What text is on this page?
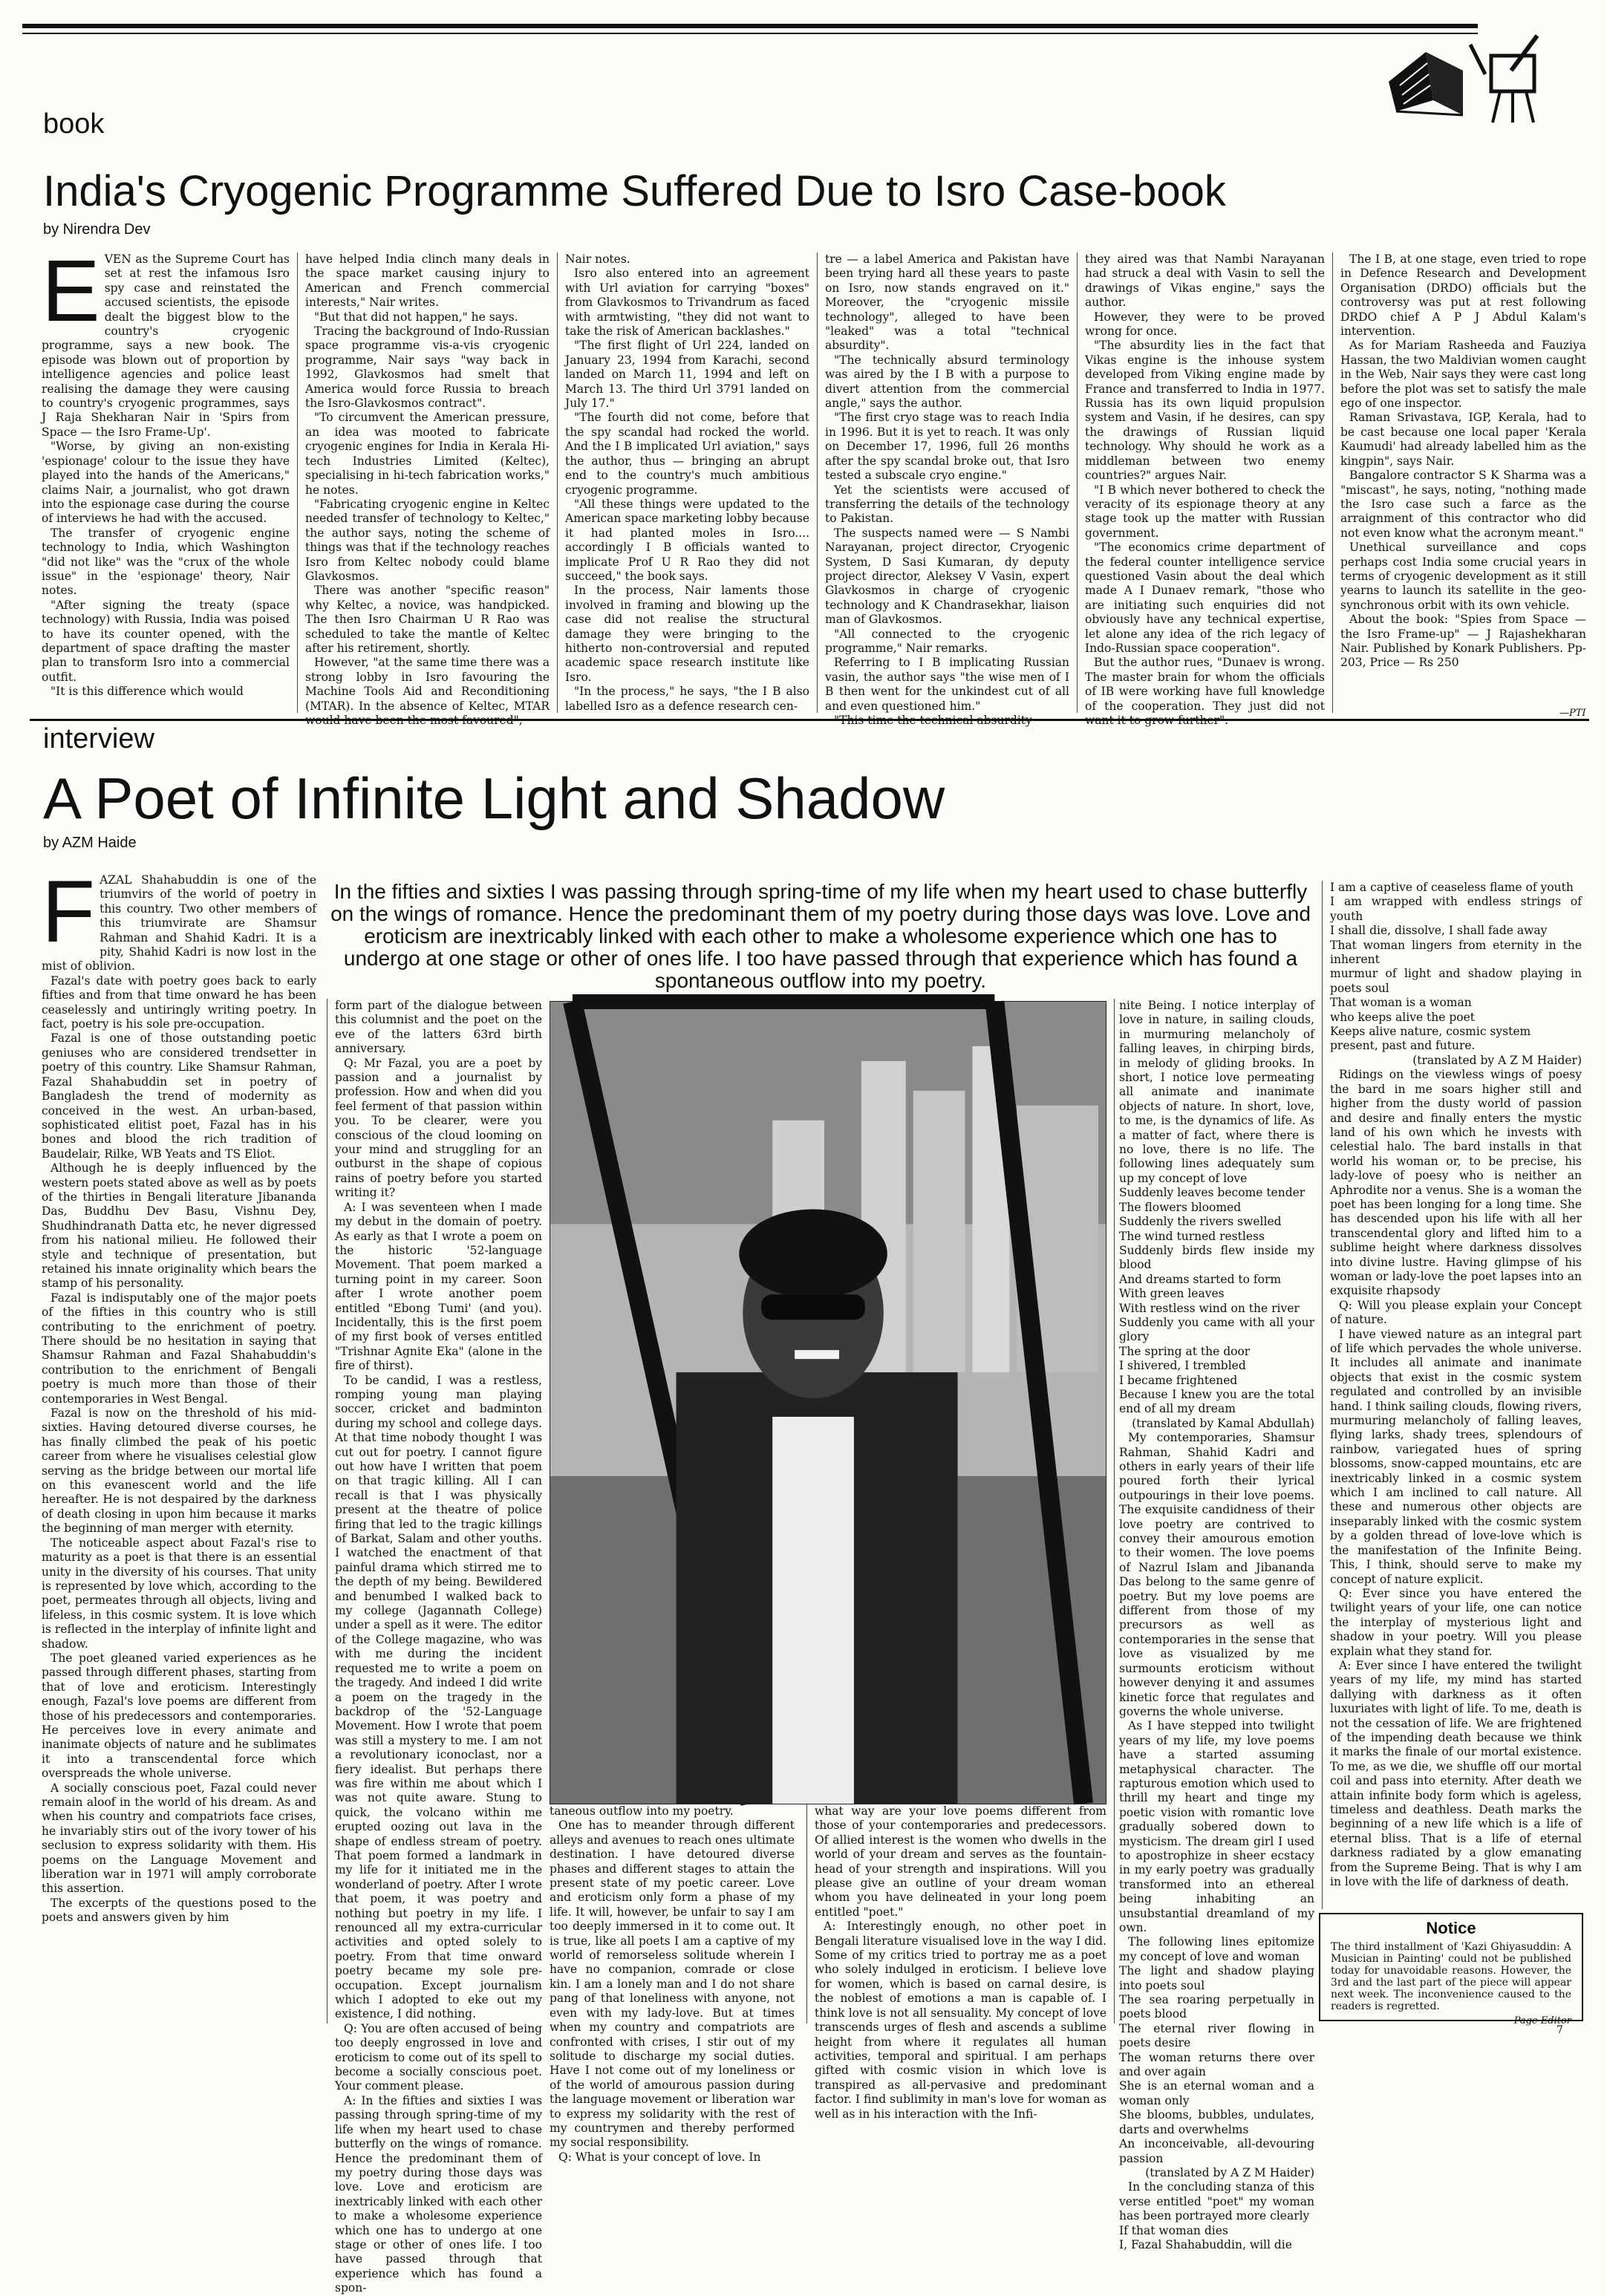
book
India's Cryogenic Programme Suffered Due to Isro Case-book
by Nirendra Dev
E VEN as the Supreme Court has set at rest the infamous Isro spy case and reinstated the accused scientists, the episode dealt the biggest blow to the country's cryogenic programme, says a new book. The episode was blown out of proportion by intelligence agencies and police least realising the damage they were causing to country's cryogenic programmes, says J Raja Shekharan Nair in 'Spirs from Space — the Isro Frame-Up'.

"Worse, by giving an non-existing 'espionage' colour to the issue they have played into the hands of the Americans," claims Nair, a journalist, who got drawn into the espionage case during the course of interviews he had with the accused.

The transfer of cryogenic engine technology to India, which Washington "did not like" was the "crux of the whole issue" in the 'espionage' theory, Nair notes.

"After signing the treaty (space technology) with Russia, India was poised to have its counter opened, with the department of space drafting the master plan to transform Isro into a commercial outfit.

"It is this difference which would

have helped India clinch many deals in the space market causing injury to American and French commercial interests," Nair writes.

"But that did not happen," he says.

Tracing the background of Indo-Russian space programme vis-a-vis cryogenic programme, Nair says "way back in 1992, Glavkosmos had smelt that America would force Russia to breach the Isro-Glavkosmos contract".

"To circumvent the American pressure, an idea was mooted to fabricate cryogenic engines for India in Kerala Hi-tech Industries Limited (Keltec), specialising in hi-tech fabrication works," he notes.

"Fabricating cryogenic engine in Keltec needed transfer of technology to Keltec," the author says, noting the scheme of things was that if the technology reaches Isro from Keltec nobody could blame Glavkosmos.

There was another "specific reason" why Keltec, a novice, was handpicked. The then Isro Chairman U R Rao was scheduled to take the mantle of Keltec after his retirement, shortly.

However, "at the same time there was a strong lobby in Isro favouring the Machine Tools Aid and Reconditioning (MTAR). In the absence of Keltec, MTAR

Nair notes.

Isro also entered into an agreement with Url aviation for carrying "boxes" from Glavkosmos to Trivandrum as faced with armtwisting, "they did not want to take the risk of American backlashes."

"The first flight of Url 224, landed on January 23, 1994 from Karachi, second landed on March 11, 1994 and left on March 13. The third Url 3791 landed on July 17."

"The fourth did not come, before that the spy scandal had rocked the world. And the I B implicated Url aviation," says the author, thus — bringing an abrupt end to the country's much ambitious cryogenic programme.

"All these things were updated to the American space marketing lobby because it had planted moles in Isro.... accordingly I B officials wanted to implicate Prof U R Rao they did not succeed," the book says.

In the process, Nair laments those involved in framing and blowing up the case did not realise the structural damage they were bringing to the hitherto non-controversial and reputed academic space research institute like Isro.

"In the process," he says, "the I B also labelled Isro as a defence research cen-

tre — a label America and Pakistan have been trying hard all these years to paste on Isro, now stands engraved on it." Moreover, the "cryogenic missile technology", alleged to have been "leaked" was a total "technical absurdity".

"The technically absurd terminology was aired by the I B with a purpose to divert attention from the commercial angle," says the author.

"The first cryo stage was to reach India in 1996. But it is yet to reach. It was only on December 17, 1996, full 26 months after the spy scandal broke out, that Isro tested a subscale cryo engine."

Yet the scientists were accused of transferring the details of the technology to Pakistan.

The suspects named were — S Nambi Narayanan, project director, Cryogenic System, D Sasi Kumaran, dy deputy project director, Aleksey V Vasin, expert Glavkosmos in charge of cryogenic technology and K Chandrasekhar, liaison man of Glavkosmos.

"All connected to the cryogenic programme," Nair remarks.

Referring to I B implicating Russian vasin, the author says "the wise men of I B then went for the unkindest cut of all and even questioned him."

they aired was that Nambi Narayanan had struck a deal with Vasin to sell the drawings of Vikas engine," says the author.

However, they were to be proved wrong for once.

"The absurdity lies in the fact that Vikas engine is the inhouse system developed from Viking engine made by France and transferred to India in 1977. Russia has its own liquid propulsion system and Vasin, if he desires, can spy the drawings of Russian liquid technology. Why should he work as a middleman between two enemy countries?" argues Nair.

"I B which never bothered to check the veracity of its espionage theory at any stage took up the matter with Russian government.

"The economics crime department of the federal counter intelligence service questioned Vasin about the deal which made A I Dunaev remark, "those who are initiating such enquiries did not obviously have any technical expertise, let alone any idea of the rich legacy of Indo-Russian space cooperation".

But the author rues, "Dunaev is wrong. The master brain for whom the officials of IB were working have full knowledge of the cooperation. They just did not

The I B, at one stage, even tried to rope in Defence Research and Development Organisation (DRDO) officials but the controversy was put at rest following DRDO chief A P J Abdul Kalam's intervention.

As for Mariam Rasheeda and Fauziya Hassan, the two Maldivian women caught in the Web, Nair says they were cast long before the plot was set to satisfy the male ego of one inspector.

Raman Srivastava, IGP, Kerala, had to be cast because one local paper 'Kerala Kaumudi' had already labelled him as the kingpin", says Nair.

Bangalore contractor S K Sharma was a "miscast", he says, noting, "nothing made the Isro case such a farce as the arraignment of this contractor who did not even know what the acronym meant."

Unethical surveillance and cops perhaps cost India some crucial years in terms of cryogenic development as it still yearns to launch its satellite in the geo-synchronous orbit with its own vehicle.

About the book: "Spies from Space — the Isro Frame-up" — J Rajashekharan Nair. Published by Konark Publishers. Pp-203, Price — Rs 250

—PTI
interview
A Poet of Infinite Light and Shadow
by AZM Haide
In the fifties and sixties I was passing through spring-time of my life when my heart used to chase butterfly on the wings of romance. Hence the predominant them of my poetry during those days was love. Love and eroticism are inextricably linked with each other to make a wholesome experience which one has to undergo at one stage or other of ones life. I too have passed through that experience which has found a spontaneous outflow into my poetry.
F AZAL Shahabuddin is one of the triumvirs of the world of poetry in this country. Two other members of this triumvirate are Shamsur Rahman and Shahid Kadri. It is a pity, Shahid Kadri is now lost in the mist of oblivion.

Fazal's date with poetry goes back to early fifties and from that time onward he has been ceaselessly and untiringly writing poetry. In fact, poetry is his sole pre-occupation.

Fazal is one of those outstanding poetic geniuses who are considered trendsetter in poetry of this country. Like Shamsur Rahman, Fazal Shahabuddin set in poetry of Bangladesh the trend of modernity as conceived in the west. An urban-based, sophisticated elitist poet, Fazal has in his bones and blood the rich tradition of Baudelair, Rilke, WB Yeats and TS Eliot.

Although he is deeply influenced by the western poets stated above as well as by poets of the thirties in Bengali literature Jibananda Das, Buddhu Dev Basu, Vishnu Dey, Shudhindranath Datta etc, he never digressed from his national milieu. He followed their style and technique of presentation, but retained his innate originality which bears the stamp of his personality.

Fazal is indisputably one of the major poets of the fifties in this country who is still contributing to the enrichment of poetry. There should be no hesitation in saying that Shamsur Rahman and Fazal Shahabuddin's contribution to the enrichment of Bengali poetry is much more than those of their contemporaries in West Bengal.

Fazal is now on the threshold of his mid-sixties. Having detoured diverse courses, he has finally climbed the peak of his poetic career from where he visualises celestial glow serving as the bridge between our mortal life on this evanescent world and the life hereafter. He is not despaired by the darkness of death closing in upon him because it marks the beginning of man merger with eternity.

The noticeable aspect about Fazal's rise to maturity as a poet is that there is an essential unity in the diversity of his courses. That unity is represented by love which, according to the poet, permeates through all objects, living and lifeless, in this cosmic system. It is love which is reflected in the interplay of infinite light and shadow.

The poet gleaned varied experiences as he passed through different phases, starting from that of love and eroticism. Interestingly enough, Fazal's love poems are different from those of his predecessors and contemporaries. He perceives love in every animate and inanimate objects of nature and he sublimates it into a transcendental force which overspreads the whole universe.

A socially conscious poet, Fazal could never remain aloof in the world of his dream. As and when his country and compatriots face crises, he invariably stirs out of the ivory tower of his seclusion to express solidarity with them. His poems on the Language Movement and liberation war in 1971 will amply corroborate this assertion.

The excerpts of the questions posed to the poets and answers given by him

form part of the dialogue between this columnist and the poet on the eve of the latters 63rd birth anniversary.

Q: Mr Fazal, you are a poet by passion and a journalist by profession. How and when did you feel ferment of that passion within you. To be clearer, were you conscious of the cloud looming on your mind and struggling for an outburst in the shape of copious rains of poetry before you started writing it?

A: I was seventeen when I made my debut in the domain of poetry. As early as that I wrote a poem on the historic '52-language Movement. That poem marked a turning point in my career. Soon after I wrote another poem entitled "Ebong Tumi' (and you). Incidentally, this is the first poem of my first book of verses entitled "Trishnar Agnite Eka" (alone in the fire of thirst).

To be candid, I was a restless, romping young man playing soccer, cricket and badminton during my school and college days. At that time nobody thought I was cut out for poetry. I cannot figure out how have I written that poem on that tragic killing. All I can recall is that I was physically present at the theatre of police firing that led to the tragic killings of Barkat, Salam and other youths. I watched the enactment of that painful drama which stirred me to the depth of my being. Bewildered and benumbed I walked back to my college (Jagannath College) under a spell as it were. The editor of the College magazine, who was with me during the incident requested me to write a poem on the tragedy. And indeed I did write a poem on the tragedy in the backdrop of the '52-Language Movement. How I wrote that poem was still a mystery to me. I am not a revolutionary iconoclast, nor a fiery idealist. But perhaps there was fire within me about which I was not quite aware. Stung to quick, the volcano within me erupted oozing out lava in the shape of endless stream of poetry. That poem formed a landmark in my life for it initiated me in the wonderland of poetry. After I wrote that poem, it was poetry and nothing but poetry in my life. I renounced all my extra-curricular activities and opted solely to poetry. From that time onward poetry became my sole pre-occupation. Except journalism which I adopted to eke out my existence, I did nothing.

Q: You are often accused of being too deeply engrossed in love and eroticism to come out of its spell to become a socially conscious poet. Your comment please.

A: In the fifties and sixties I was passing through spring-time of my life when my heart used to chase butterfly on the wings of romance. Hence the predominant them of my poetry during those days was love. Love and eroticism are inextricably linked with each other to make a wholesome experience which one has to undergo at one stage or other of ones life. I too have passed through that experience which has found a spon-

taneous outflow into my poetry.

One has to meander through different alleys and avenues to reach ones ultimate destination. I have detoured diverse phases and different stages to attain the present state of my poetic career. Love and eroticism only form a phase of my life. It will, however, be unfair to say I am too deeply immersed in it to come out. It is true, like all poets I am a captive of my world of remorseless solitude wherein I have no companion, comrade or close kin. I am a lonely man and I do not share pang of that loneliness with anyone, not even with my lady-love. But at times when my country and compatriots are confronted with crises, I stir out of my solitude to discharge my social duties. Have I not come out of my loneliness or of the world of amourous passion during the language movement or liberation war to express my solidarity with the rest of my countrymen and thereby performed my social responsibility.

Q: What is your concept of love. In

what way are your love poems different from those of your contemporaries and predecessors. Of allied interest is the women who dwells in the world of your dream and serves as the fountain-head of your strength and inspirations. Will you please give an outline of your dream woman whom you have delineated in your long poem entitled "poet."

A: Interestingly enough, no other poet in Bengali literature visualised love in the way I did. Some of my critics tried to portray me as a poet who solely indulged in eroticism. I believe love for women, which is based on carnal desire, is the noblest of emotions a man is capable of. I think love is not all sensuality. My concept of love transcends urges of flesh and ascends a sublime height from where it regulates all human activities, temporal and spiritual. I am perhaps gifted with cosmic vision in which love is transpired as all-pervasive and predominant factor. I find sublimity in man's love for woman as well as in his interaction with the Infi-

nite Being. I notice interplay of love in nature, in sailing clouds, in murmuring melancholy of falling leaves, in chirping birds, in melody of gliding brooks. In short, I notice love permeating all animate and inanimate objects of nature. In short, love, to me, is the dynamics of life. As a matter of fact, where there is no love, there is no life. The following lines adequately sum up my concept of love

Suddenly leaves become tender

The flowers bloomed

Suddenly the rivers swelled

The wind turned restless

Suddenly birds flew inside my blood

And dreams started to form

With green leaves

With restless wind on the river

Suddenly you came with all your glory

The spring at the door

I shivered, I trembled

I became frightened

Because I knew you are the total end of all my dream

(translated by Kamal Abdullah)

My contemporaries, Shamsur Rahman, Shahid Kadri and others in early years of their life poured forth their lyrical outpourings in their love poems. The exquisite candidness of their love poetry are contrived to convey their amourous emotion to their women. The love poems of Nazrul Islam and Jibananda Das belong to the same genre of poetry. But my love poems are different from those of my precursors as well as contemporaries in the sense that love as visualized by me surmounts eroticism without however denying it and assumes kinetic force that regulates and governs the whole universe.

As I have stepped into twilight years of my life, my love poems have a started assuming metaphysical character. The rapturous emotion which used to thrill my heart and tinge my poetic vision with romantic love gradually sobered down to mysticism. The dream girl I used to apostrophize in sheer ecstacy in my early poetry was gradually transformed into an ethereal being inhabiting an unsubstantial dreamland of my own.

The following lines epitomize my concept of love and woman

The light and shadow playing into poets soul

The sea roaring perpetually in poets blood

The eternal river flowing in poets desire

The woman returns there over and over again

She is an eternal woman and a woman only

She blooms, bubbles, undulates, darts and overwhelms

An inconceivable, all-devouring passion

(translated by A Z M Haider)

In the concluding stanza of this verse entitled "poet" my woman has been portrayed more clearly

If that woman dies

I, Fazal Shahabuddin, will die

I am a captive of ceaseless flame of youth

I am wrapped with endless strings of youth

I shall die, dissolve, I shall fade away

That woman lingers from eternity in the inherent

murmur of light and shadow playing in poets soul

That woman is a woman

who keeps alive the poet

Keeps alive nature, cosmic system

present, past and future.

(translated by A Z M Haider)

Ridings on the viewless wings of poesy the bard in me soars higher still and higher from the dusty world of passion and desire and finally enters the mystic land of his own which he invests with celestial halo. The bard installs in that world his woman or, to be precise, his lady-love of poesy who is neither an Aphrodite nor a venus. She is a woman the poet has been longing for a long time. She has descended upon his life with all her transcendental glory and lifted him to a sublime height where darkness dissolves into divine lustre. Having glimpse of his woman or lady-love the poet lapses into an exquisite rhapsody

Q: Will you please explain your Concept of nature.

I have viewed nature as an integral part of life which pervades the whole universe. It includes all animate and inanimate objects that exist in the cosmic system regulated and controlled by an invisible hand. I think sailing clouds, flowing rivers, murmuring melancholy of falling leaves, flying larks, shady trees, splendours of rainbow, variegated hues of spring blossoms, snow-capped mountains, etc are inextricably linked in a cosmic system which I am inclined to call nature. All these and numerous other objects are inseparably linked with the cosmic system by a golden thread of love-love which is the manifestation of the Infinite Being. This, I think, should serve to make my concept of nature explicit.

Q: Ever since you have entered the twilight years of your life, one can notice the interplay of mysterious light and shadow in your poetry. Will you please explain what they stand for.

A: Ever since I have entered the twilight years of my life, my mind has started dallying with darkness as it often luxuriates with light of life. To me, death is not the cessation of life. We are frightened of the impending death because we think it marks the finale of our mortal existence. To me, as we die, we shuffle off our mortal coil and pass into eternity. After death we attain infinite body form which is ageless, timeless and deathless. Death marks the beginning of a new life which is a life of eternal bliss. That is a life of eternal darkness radiated by a glow emanating from the Supreme Being. That is why I am in love with the life of darkness of death.

Notice
The third installment of 'Kazi Ghiyasuddin: A Musician in Painting' could not be published today for unavoidable reasons. However, the 3rd and the last part of the piece will appear next week. The inconvenience caused to the readers is regretted.
— Page Editor
7
